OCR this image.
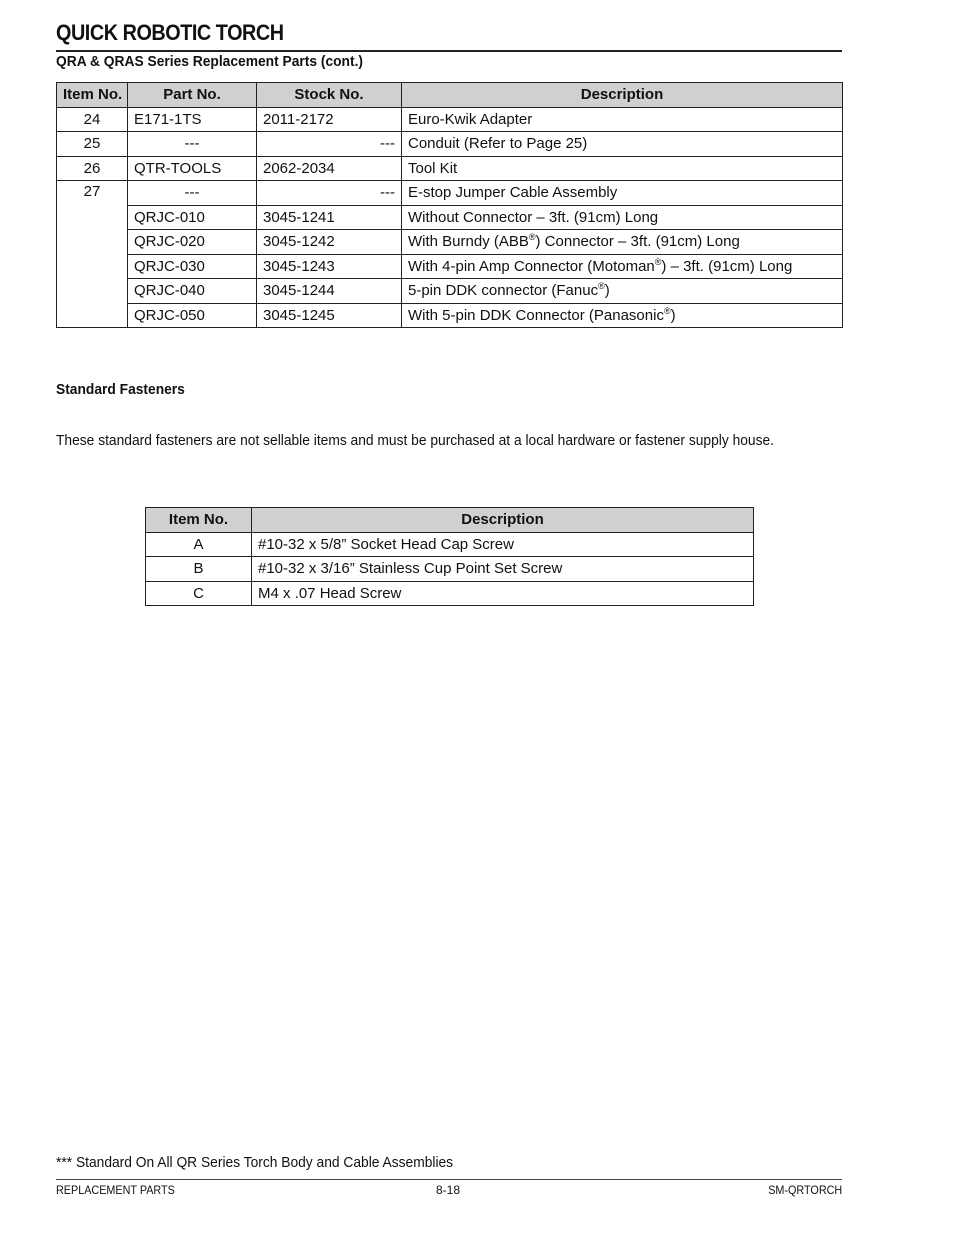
QUICK ROBOTIC TORCH
QRA & QRAS Series Replacement Parts (cont.)
Item No.	Part No.	Stock No.	Description
24	E171-1TS	2011-2172	Euro-Kwik Adapter
25	---	---	Conduit (Refer to Page 25)
26	QTR-TOOLS	2062-2034	Tool Kit
27	---	---	E-stop Jumper Cable Assembly
	QRJC-010	3045-1241	Without Connector – 3ft. (91cm) Long
	QRJC-020	3045-1242	With Burndy (ABB®) Connector – 3ft. (91cm) Long
	QRJC-030	3045-1243	With 4-pin Amp Connector (Motoman®) – 3ft. (91cm) Long
	QRJC-040	3045-1244	5-pin DDK connector (Fanuc®)
	QRJC-050	3045-1245	With 5-pin DDK Connector (Panasonic®)
Standard Fasteners
These standard fasteners are not sellable items and must be purchased at a local hardware or fastener supply house.
Item No.	Description
A	#10-32 x 5/8” Socket Head Cap Screw
B	#10-32 x 3/16” Stainless Cup Point Set Screw
C	M4 x .07 Head Screw
*** Standard On All QR Series Torch Body and Cable Assemblies
REPLACEMENT PARTS	8-18	SM-QRTORCH
